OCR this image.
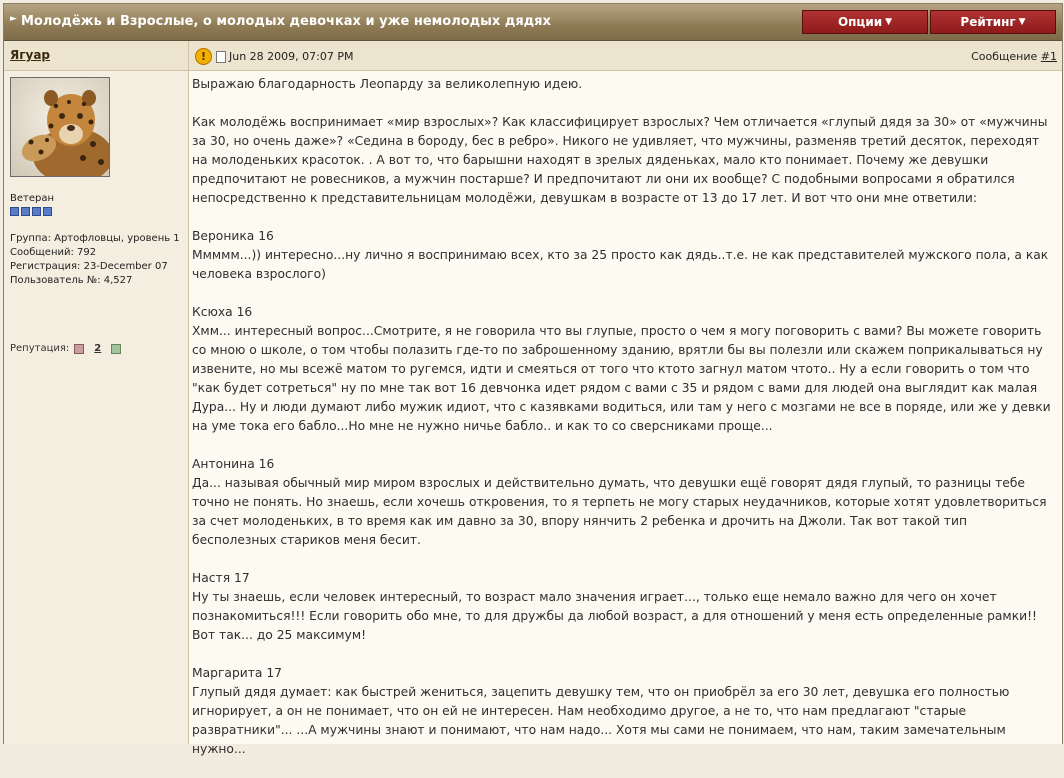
► Молодёжь и Взрослые, о молодых девочках и уже немолодых дядях	Опции ▼	Рейтинг ▼
Ягуар
Ветеран
Группа: Артофловцы, уровень 1
Сообщений: 792
Регистрация: 23-December 07
Пользователь №: 4,527
Репутация:	2
!	Jun 28 2009, 07:07 PM	Сообщение #1
Выражаю благодарность Леопарду за великолепную идею.
Как молодёжь воспринимает «мир взрослых»? Как классифицирует взрослых? Чем отличается «глупый дядя за 30» от «мужчины за 30, но очень даже»? «Седина в бороду, бес в ребро». Никого не удивляет, что мужчины, разменяв третий десяток, переходят на молоденьких красоток. . А вот то, что барышни находят в зрелых дяденьках, мало кто понимает. Почему же девушки предпочитают не ровесников, а мужчин постарше? И предпочитают ли они их вообще? С подобными вопросами я обратился непосредственно к представительницам молодёжи, девушкам в возрасте от 13 до 17 лет. И вот что они мне ответили:
Вероника 16
Ммммм...)) интересно...ну лично я воспринимаю всех, кто за 25 просто как дядь..т.е. не как представителей мужского пола, а как человека взрослого)
Ксюха 16
Хмм... интересный вопрос...Смотрите, я не говорила что вы глупые, просто о чем я могу поговорить с вами? Вы можете говорить со мною о школе, о том чтобы полазить где-то по заброшенному зданию, врятли бы вы полезли или скажем поприкалываться ну извените, но мы всежё матом то ругемся, идти и смеяться от того что ктото загнул матом чтото.. Ну а если говорить о том что "как будет сотреться" ну по мне так вот 16 девчонка идет рядом с вами с 35 и рядом с вами для людей она выглядит как малая Дура... Ну и люди думают либо мужик идиот, что с казявками водиться, или там у него с мозгами не все в поряде, или же у девки на уме тока его бабло...Но мне не нужно ничье бабло.. и как то со сверсниками проще...
Антонина 16
Да... называя обычный мир миром взрослых и действительно думать, что девушки ещё говорят дядя глупый, то разницы тебе точно не понять. Но знаешь, если хочешь откровения, то я терпеть не могу старых неудачников, которые хотят удовлетвориться за счет молоденьких, в то время как им давно за 30, впору нянчить 2 ребенка и дрочить на Джоли. Так вот такой тип бесполезных стариков меня бесит.
Настя 17
Ну ты знаешь, если человек интересный, то возраст мало значения играет..., только еще немало важно для чего он хочет познакомиться!!! Если говорить обо мне, то для дружбы да любой возраст, а для отношений у меня есть определенные рамки!! Вот так... до 25 максимум!
Маргарита 17
Глупый дядя думает: как быстрей жениться, зацепить девушку тем, что он приобрёл за его 30 лет, девушка его полностью игнорирует, а он не понимает, что он ей не интересен. Нам необходимо другое, а не то, что нам предлагают "старые развратники"... ...А мужчины знают и понимают, что нам надо... Хотя мы сами не понимаем, что нам, таким замечательным нужно...
